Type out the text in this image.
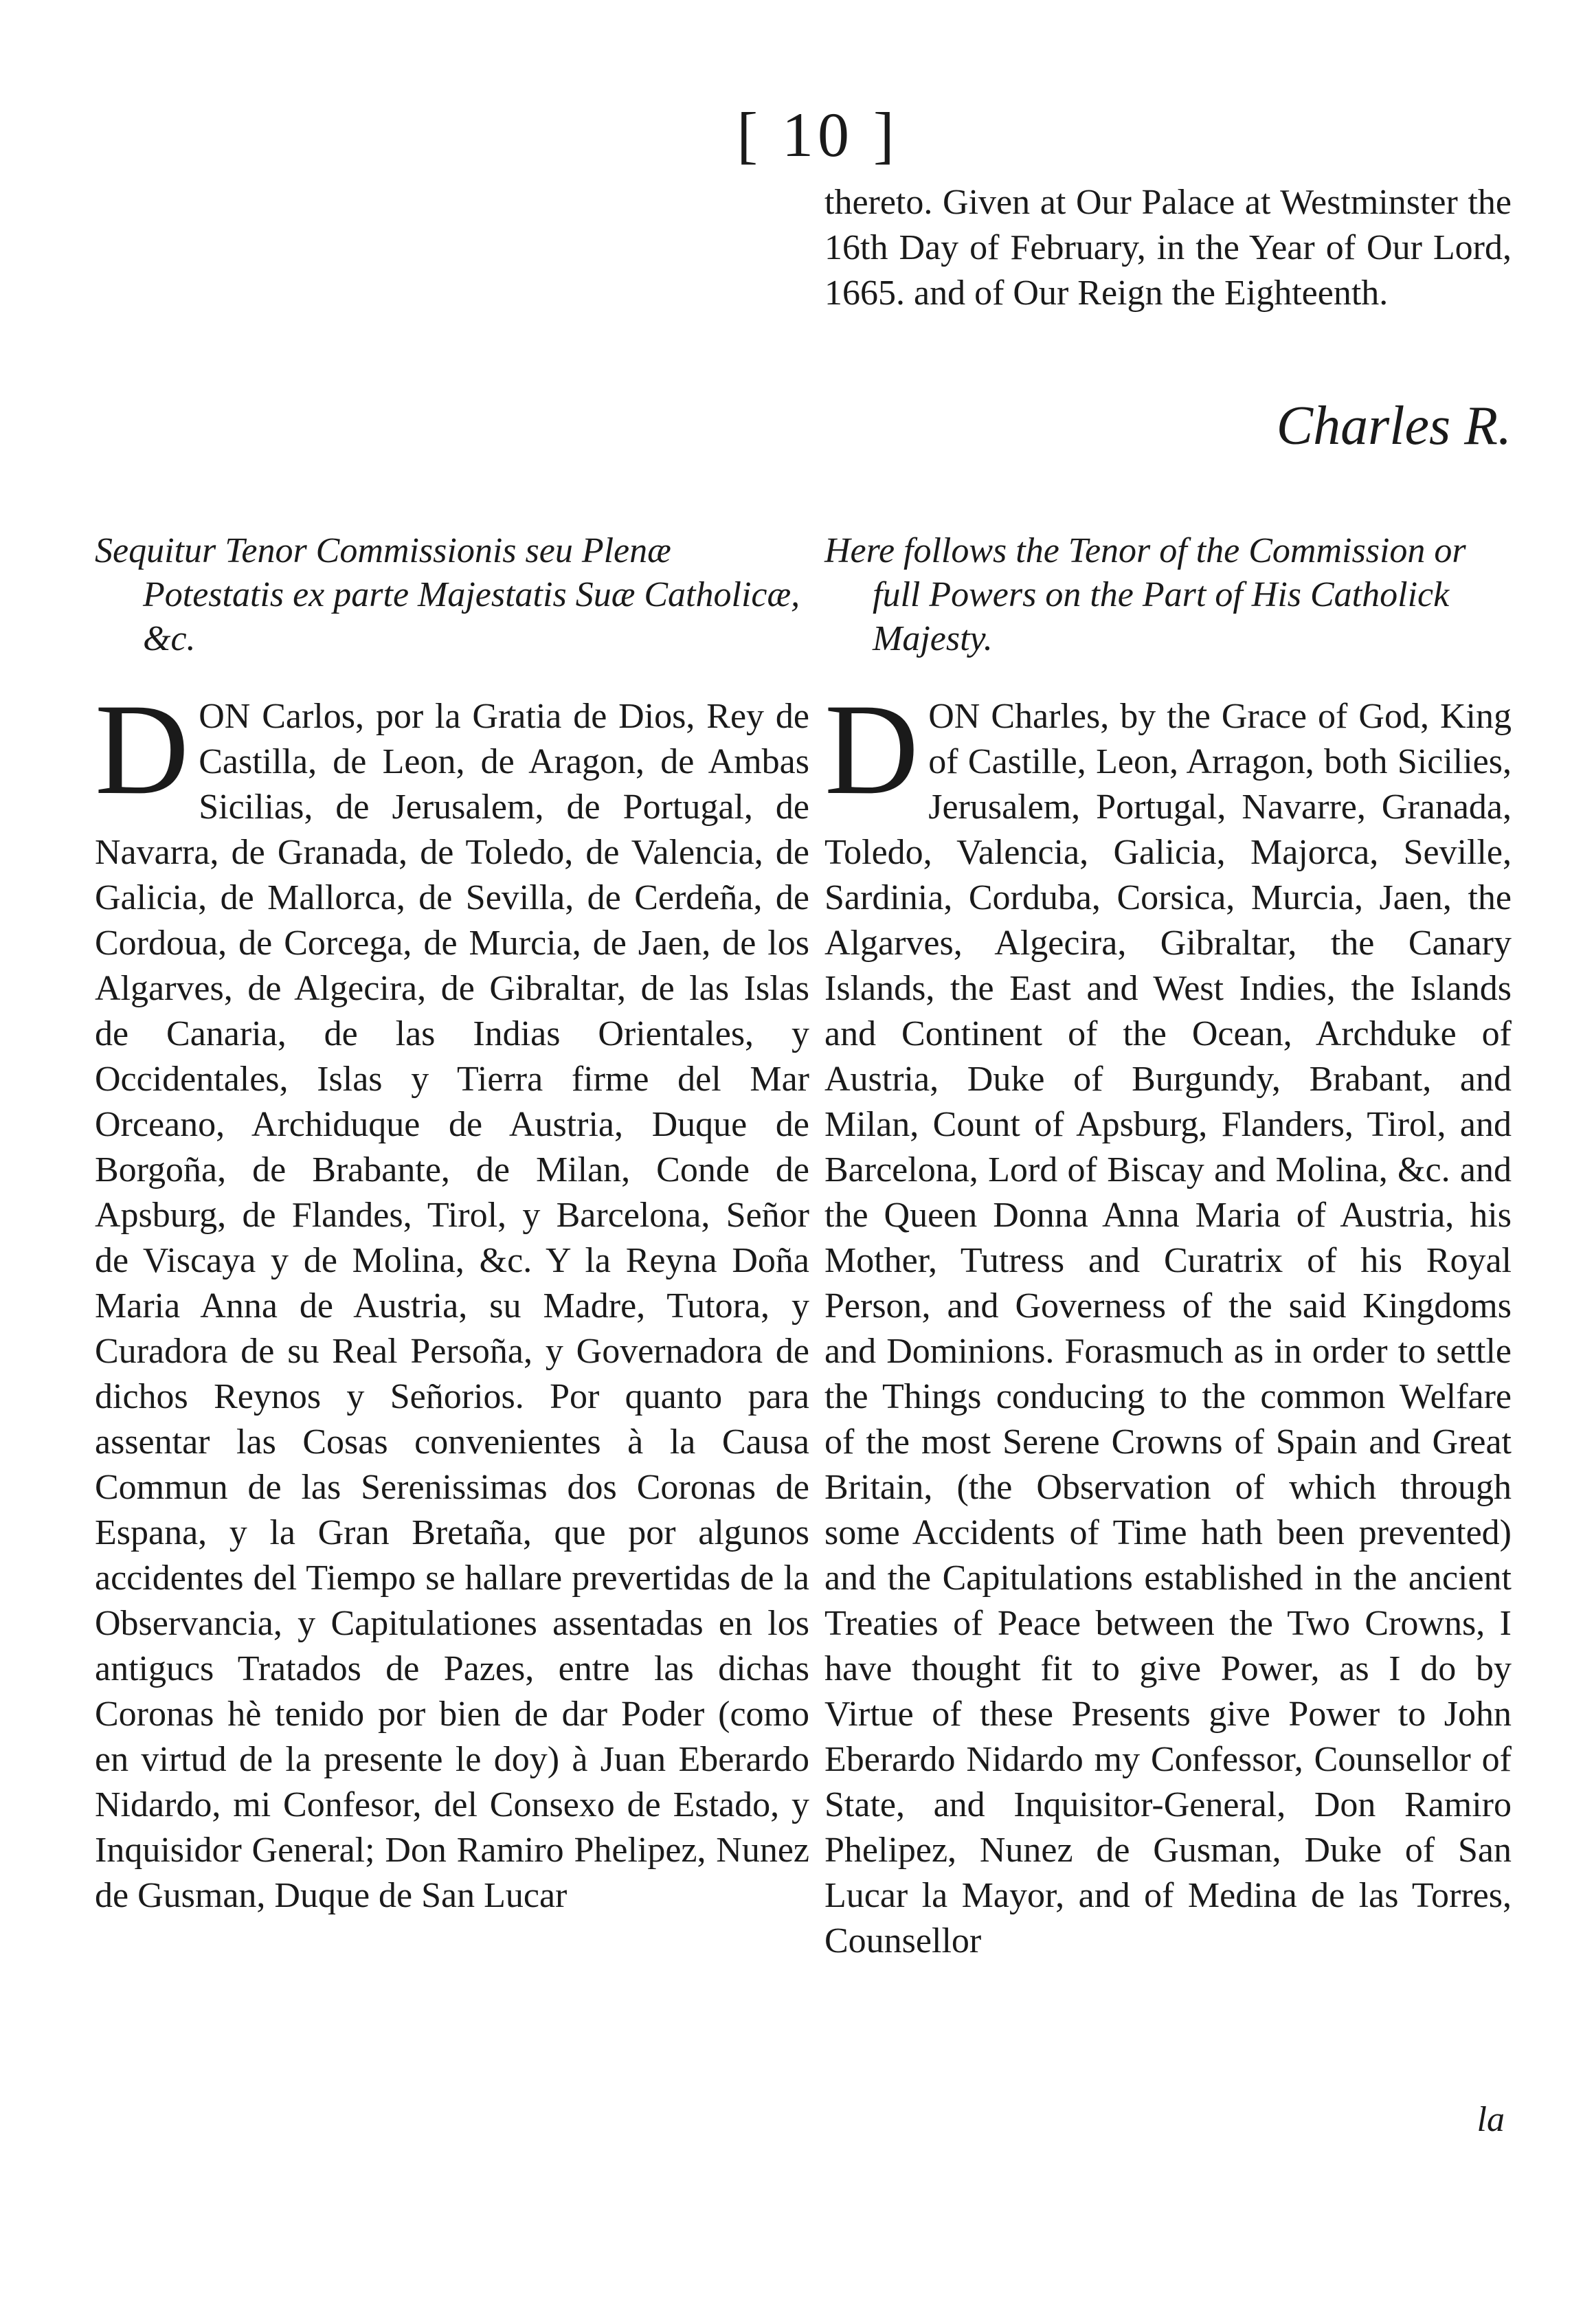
[ 10 ]

thereto. Given at Our Palace at Westminster the 16th Day of February, in the Year of Our Lord, 1665. and of Our Reign the Eighteenth.

Charles R.

Sequitur Tenor Commissionis seu Plenæ Potestatis ex parte Majestatis Suæ Catholicæ, &c.

Here follows the Tenor of the Commission or full Powers on the Part of His Catholick Majesty.

D ON Carlos, por la Gratia de Dios, Rey de Castilla, de Leon, de Aragon, de Ambas Sicilias, de Jerusalem, de Portugal, de Navarra, de Granada, de Toledo, de Valencia, de Galicia, de Mallorca, de Sevilla, de Cerdeña, de Cordoua, de Corcega, de Murcia, de Jaen, de los Algarves, de Algecira, de Gibraltar, de las Islas de Canaria, de las Indias Orientales, y Occidentales, Islas y Tierra firme del Mar Orceano, Archiduque de Austria, Duque de Borgoña, de Brabante, de Milan, Conde de Apsburg, de Flandes, Tirol, y Barcelona, Señor de Viscaya y de Molina, &c. Y la Reyna Doña Maria Anna de Austria, su Madre, Tutora, y Curadora de su Real Persoña, y Governadora de dichos Reynos y Señorios. Por quanto para assentar las Cosas convenientes à la Causa Commun de las Serenissimas dos Coronas de Espana, y la Gran Bretaña, que por algunos accidentes del Tiempo se hallare prevertidas de la Observancia, y Capitulationes assentadas en los antigucs Tratados de Pazes, entre las dichas Coronas hè tenido por bien de dar Poder (como en virtud de la presente le doy) à Juan Eberardo Nidardo, mi Confesor, del Consexo de Estado, y Inquisidor General; Don Ramiro Phelipez, Nunez de Gusman, Duque de San Lucar
D ON Charles, by the Grace of God, King of Castille, Leon, Arragon, both Sicilies, Jerusalem, Portugal, Navarre, Granada, Toledo, Valencia, Galicia, Majorca, Seville, Sardinia, Corduba, Corsica, Murcia, Jaen, the Algarves, Algecira, Gibraltar, the Canary Islands, the East and West Indies, the Islands and Continent of the Ocean, Archduke of Austria, Duke of Burgundy, Brabant, and Milan, Count of Apsburg, Flanders, Tirol, and Barcelona, Lord of Biscay and Molina, &c. and the Queen Donna Anna Maria of Austria, his Mother, Tutress and Curatrix of his Royal Person, and Governess of the said Kingdoms and Dominions. Forasmuch as in order to settle the Things conducing to the common Welfare of the most Serene Crowns of Spain and Great Britain, (the Observation of which through some Accidents of Time hath been prevented) and the Capitulations established in the ancient Treaties of Peace between the Two Crowns, I have thought fit to give Power, as I do by Virtue of these Presents give Power to John Eberardo Nidardo my Confessor, Counsellor of State, and Inquisitor-General, Don Ramiro Phelipez, Nunez de Gusman, Duke of San Lucar la Mayor, and of Medina de las Torres, Counsellor
la
